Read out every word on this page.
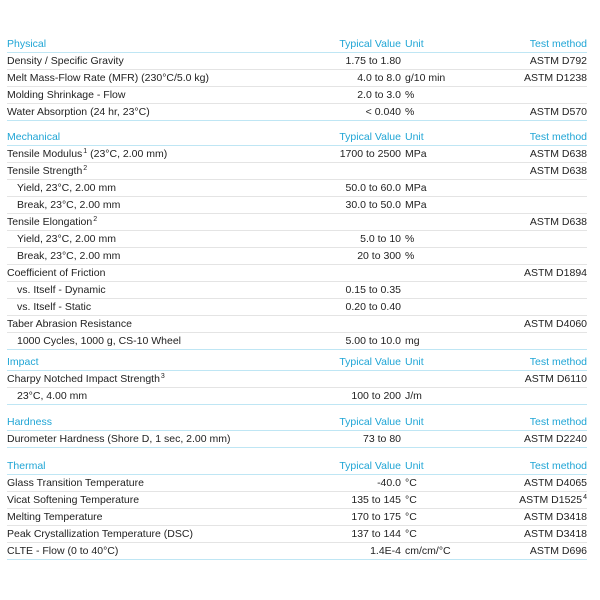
Physical	Typical Value Unit	Test method
Density / Specific Gravity	1.75 to 1.80	ASTM D792
Melt Mass-Flow Rate (MFR) (230°C/5.0 kg)	4.0 to 8.0 g/10 min	ASTM D1238
Molding Shrinkage - Flow	2.0 to 3.0 %
Water Absorption (24 hr, 23°C)	< 0.040 %	ASTM D570
Mechanical	Typical Value Unit	Test method
Tensile Modulus$^1$ (23°C, 2.00 mm)	1700 to 2500 MPa	ASTM D638
Tensile Strength$^2$	ASTM D638
Yield, 23°C, 2.00 mm	50.0 to 60.0 MPa
Break, 23°C, 2.00 mm	30.0 to 50.0 MPa
Tensile Elongation$^2$	ASTM D638
Yield, 23°C, 2.00 mm	5.0 to 10 %
Break, 23°C, 2.00 mm	20 to 300 %
Coefficient of Friction	ASTM D1894
vs. Itself - Dynamic	0.15 to 0.35
vs. Itself - Static	0.20 to 0.40
Taber Abrasion Resistance	ASTM D4060
1000 Cycles, 1000 g, CS-10 Wheel	5.00 to 10.0 mg
Impact	Typical Value Unit	Test method
Charpy Notched Impact Strength$^3$	ASTM D6110
23°C, 4.00 mm	100 to 200 J/m
Hardness	Typical Value Unit	Test method
Durometer Hardness (Shore D, 1 sec, 2.00 mm)	73 to 80	ASTM D2240
Thermal	Typical Value Unit	Test method
Glass Transition Temperature	-40.0 °C	ASTM D4065
Vicat Softening Temperature	135 to 145 °C	ASTM D1525$^4$
Melting Temperature	170 to 175 °C	ASTM D3418
Peak Crystallization Temperature (DSC)	137 to 144 °C	ASTM D3418
CLTE - Flow (0 to 40°C)	1.4E-4 cm/cm/°C	ASTM D696
